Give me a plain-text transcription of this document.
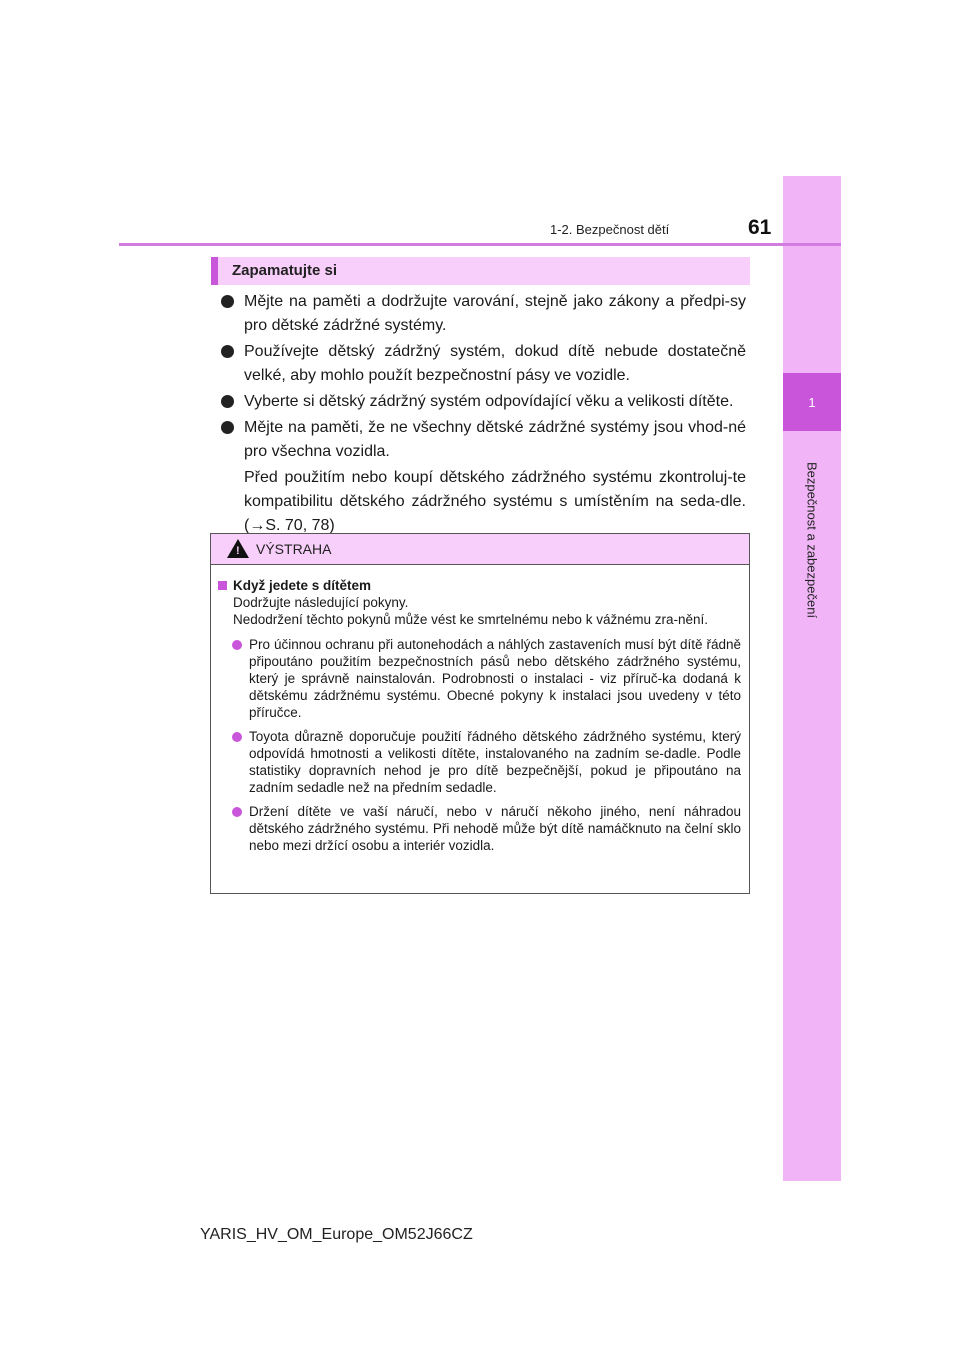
1
Bezpečnost a zabezpečení
1-2. Bezpečnost dětí	61
Zapamatujte si

Mějte na paměti a dodržujte varování, stejně jako zákony a předpi-sy pro dětské zádržné systémy.

Používejte dětský zádržný systém, dokud dítě nebude dostatečně velké, aby mohlo použít bezpečnostní pásy ve vozidle.

Vyberte si dětský zádržný systém odpovídající věku a velikosti dítěte.

Mějte na paměti, že ne všechny dětské zádržné systémy jsou vhod-né pro všechna vozidla.

Před použitím nebo koupí dětského zádržného systému zkontroluj-te kompatibilitu dětského zádržného systému s umístěním na seda-dle. (→S. 70, 78)

! VÝSTRAHA
Když jedete s dítětem

Dodržujte následující pokyny.

Nedodržení těchto pokynů může vést ke smrtelnému nebo k vážnému zra-nění.

Pro účinnou ochranu při autonehodách a náhlých zastaveních musí být dítě řádně připoutáno použitím bezpečnostních pásů nebo dětského zádržného systému, který je správně nainstalován. Podrobnosti o instalaci - viz příruč-ka dodaná k dětskému zádržnému systému. Obecné pokyny k instalaci jsou uvedeny v této příručce.
Toyota důrazně doporučuje použití řádného dětského zádržného systému, který odpovídá hmotnosti a velikosti dítěte, instalovaného na zadním se-dadle. Podle statistiky dopravních nehod je pro dítě bezpečnější, pokud je připoutáno na zadním sedadle než na předním sedadle.
Držení dítěte ve vaší náručí, nebo v náručí někoho jiného, není náhradou dětského zádržného systému. Při nehodě může být dítě namáčknuto na čelní sklo nebo mezi držící osobu a interiér vozidla.
YARIS_HV_OM_Europe_OM52J66CZ
